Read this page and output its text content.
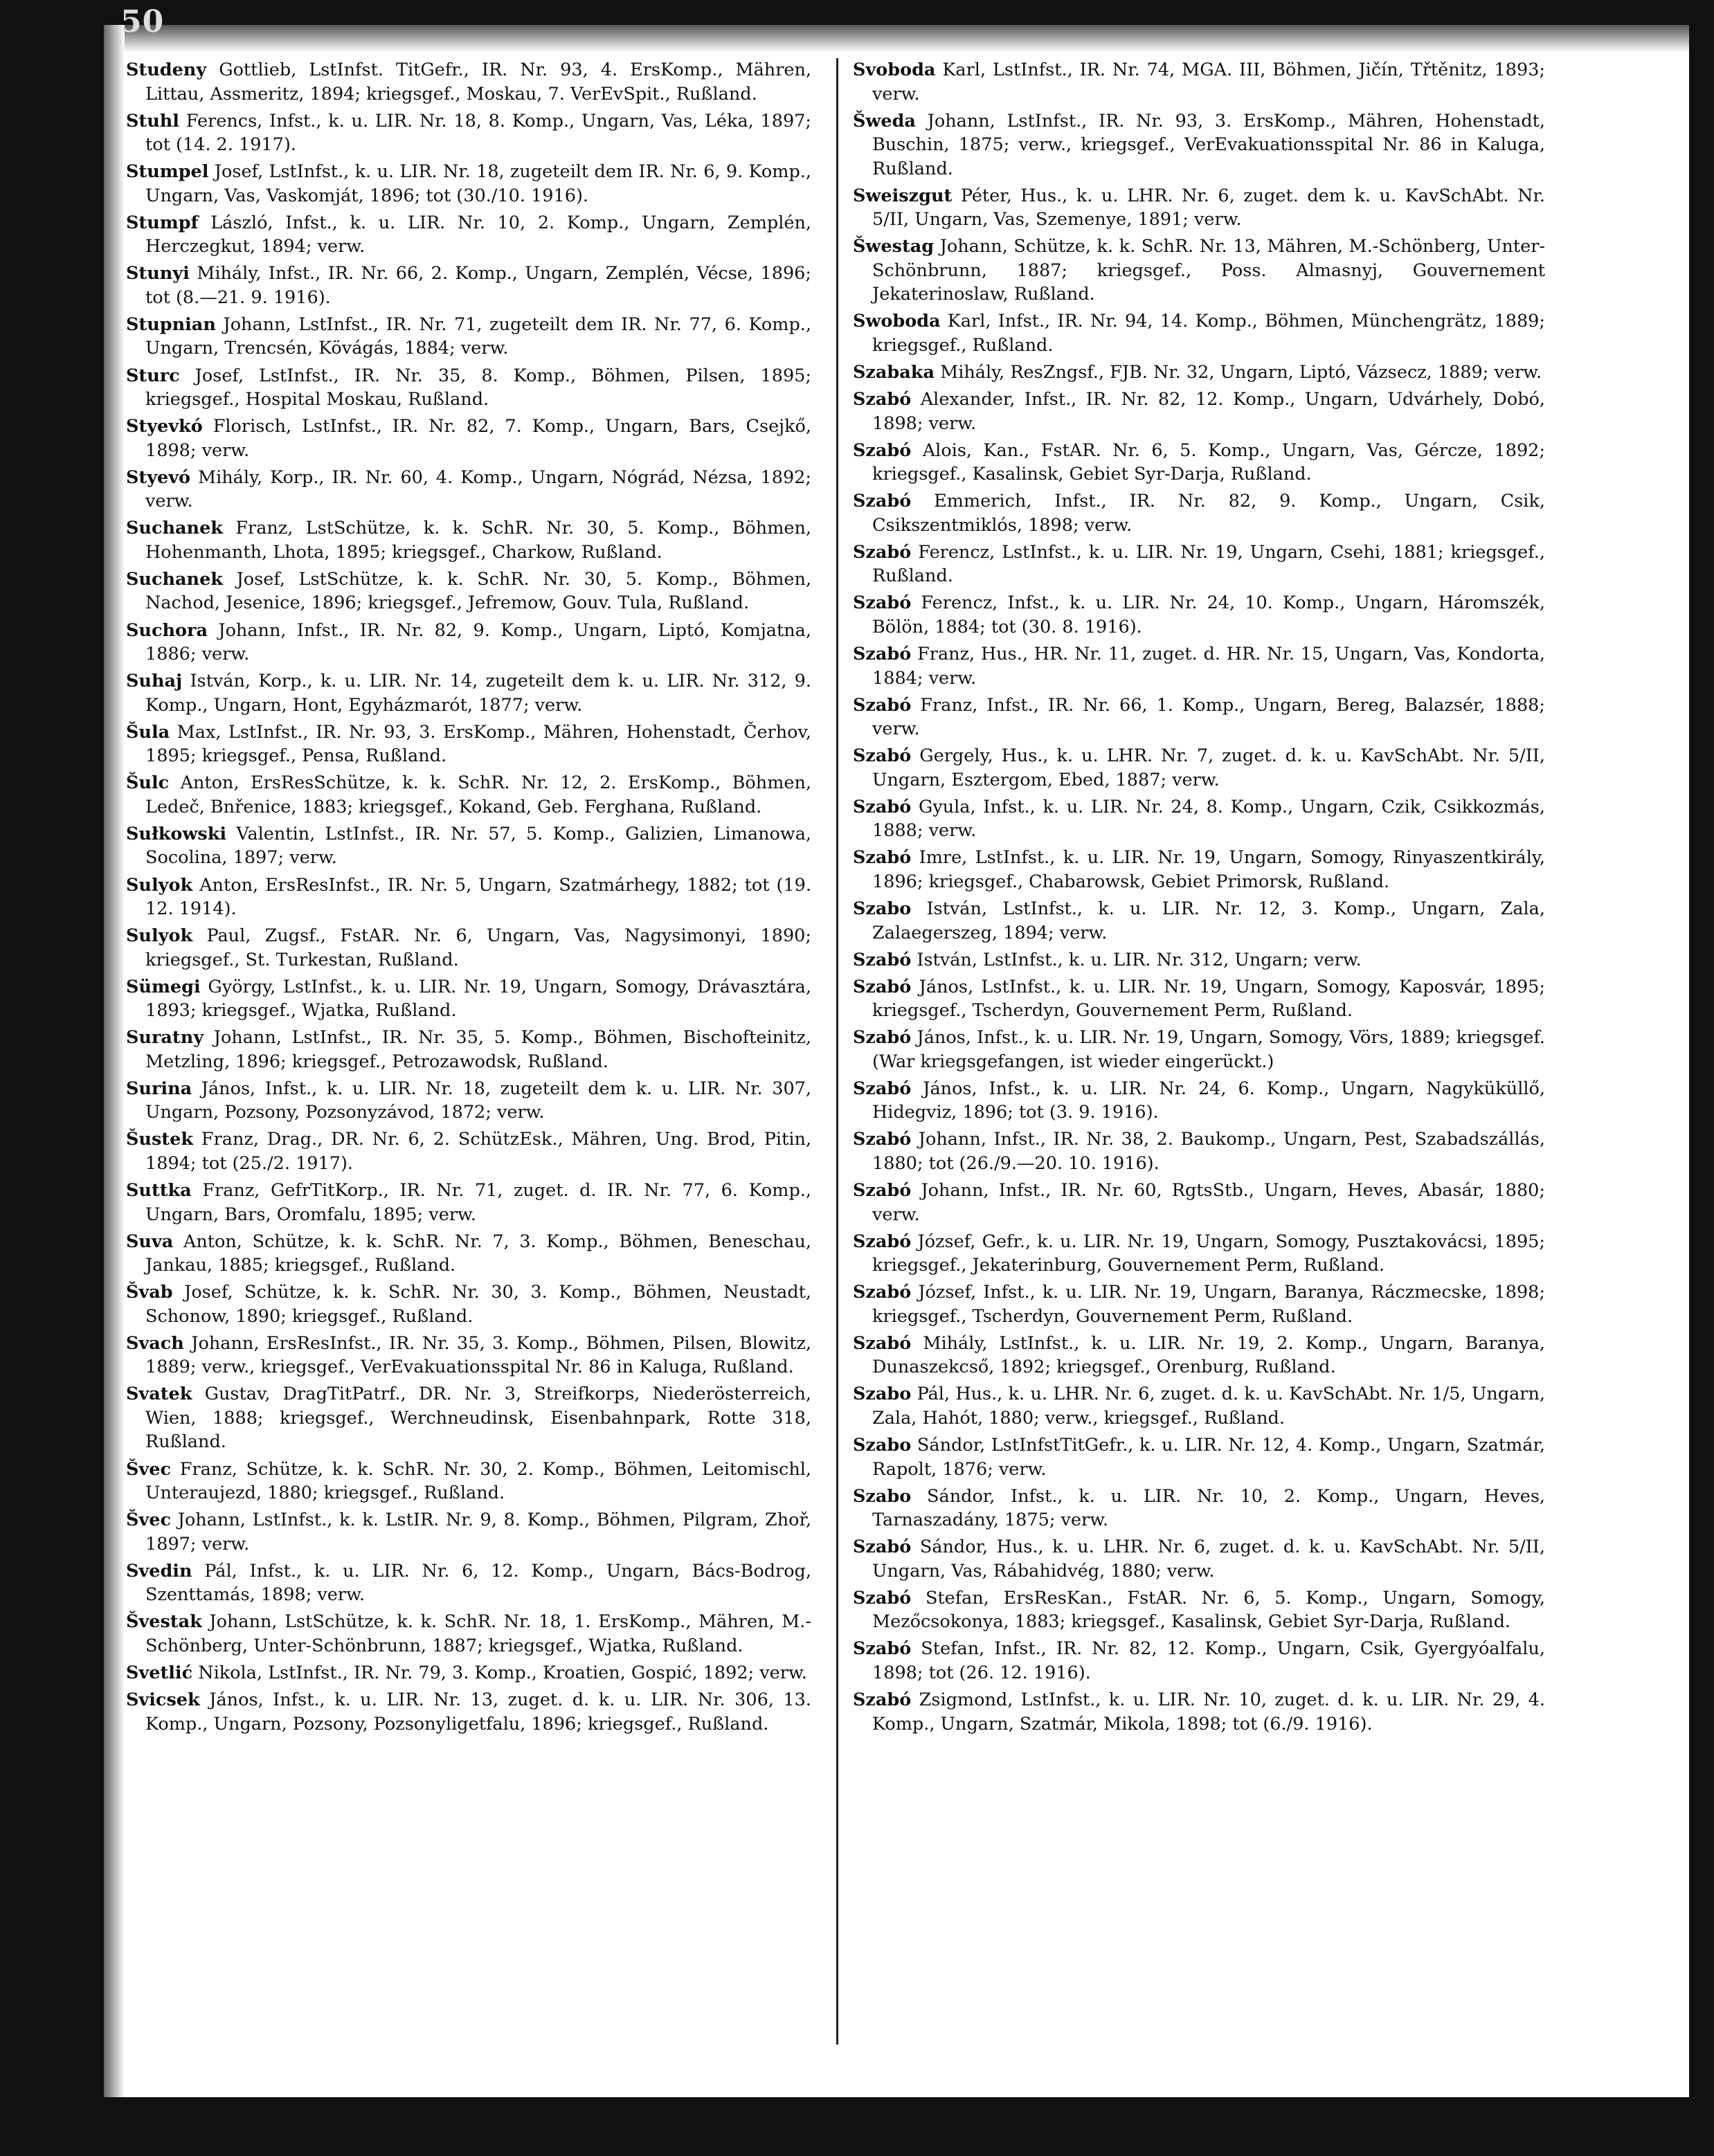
50

Studeny Gottlieb, LstInfst. TitGefr., IR. Nr. 93, 4. ErsKomp., Mähren, Littau, Assmeritz, 1894; kriegsgef., Moskau, 7. VerEvSpit., Rußland.

Stuhl Ferencs, Infst., k. u. LIR. Nr. 18, 8. Komp., Ungarn, Vas, Léka, 1897; tot (14. 2. 1917).

Stumpel Josef, LstInfst., k. u. LIR. Nr. 18, zugeteilt dem IR. Nr. 6, 9. Komp., Ungarn, Vas, Vaskomját, 1896; tot (30./10. 1916).

Stumpf László, Infst., k. u. LIR. Nr. 10, 2. Komp., Ungarn, Zemplén, Herczegkut, 1894; verw.

Stunyi Mihály, Infst., IR. Nr. 66, 2. Komp., Ungarn, Zemplén, Vécse, 1896; tot (8.—21. 9. 1916).

Stupnian Johann, LstInfst., IR. Nr. 71, zugeteilt dem IR. Nr. 77, 6. Komp., Ungarn, Trencsén, Kövágás, 1884; verw.

Sturc Josef, LstInfst., IR. Nr. 35, 8. Komp., Böhmen, Pilsen, 1895; kriegsgef., Hospital Moskau, Rußland.

Styevkó Florisch, LstInfst., IR. Nr. 82, 7. Komp., Ungarn, Bars, Csejkő, 1898; verw.

Styevó Mihály, Korp., IR. Nr. 60, 4. Komp., Ungarn, Nógrád, Nézsa, 1892; verw.

Suchanek Franz, LstSchütze, k. k. SchR. Nr. 30, 5. Komp., Böhmen, Hohenmanth, Lhota, 1895; kriegsgef., Charkow, Rußland.

Suchanek Josef, LstSchütze, k. k. SchR. Nr. 30, 5. Komp., Böhmen, Nachod, Jesenice, 1896; kriegsgef., Jefremow, Gouv. Tula, Rußland.

Suchora Johann, Infst., IR. Nr. 82, 9. Komp., Ungarn, Liptó, Komjatna, 1886; verw.

Suhaj István, Korp., k. u. LIR. Nr. 14, zugeteilt dem k. u. LIR. Nr. 312, 9. Komp., Ungarn, Hont, Egyházmarót, 1877; verw.

Šula Max, LstInfst., IR. Nr. 93, 3. ErsKomp., Mähren, Hohenstadt, Čerhov, 1895; kriegsgef., Pensa, Rußland.

Šulc Anton, ErsResSchütze, k. k. SchR. Nr. 12, 2. ErsKomp., Böhmen, Ledeč, Bnřenice, 1883; kriegsgef., Kokand, Geb. Ferghana, Rußland.

Sułkowski Valentin, LstInfst., IR. Nr. 57, 5. Komp., Galizien, Limanowa, Socolina, 1897; verw.

Sulyok Anton, ErsResInfst., IR. Nr. 5, Ungarn, Szatmárhegy, 1882; tot (19. 12. 1914).

Sulyok Paul, Zugsf., FstAR. Nr. 6, Ungarn, Vas, Nagysimonyi, 1890; kriegsgef., St. Turkestan, Rußland.

Sümegi György, LstInfst., k. u. LIR. Nr. 19, Ungarn, Somogy, Drávasztára, 1893; kriegsgef., Wjatka, Rußland.

Suratny Johann, LstInfst., IR. Nr. 35, 5. Komp., Böhmen, Bischofteinitz, Metzling, 1896; kriegsgef., Petrozawodsk, Rußland.

Surina János, Infst., k. u. LIR. Nr. 18, zugeteilt dem k. u. LIR. Nr. 307, Ungarn, Pozsony, Pozsonyzávod, 1872; verw.

Šustek Franz, Drag., DR. Nr. 6, 2. SchützEsk., Mähren, Ung. Brod, Pitin, 1894; tot (25./2. 1917).

Suttka Franz, GefrTitKorp., IR. Nr. 71, zuget. d. IR. Nr. 77, 6. Komp., Ungarn, Bars, Oromfalu, 1895; verw.

Suva Anton, Schütze, k. k. SchR. Nr. 7, 3. Komp., Böhmen, Beneschau, Jankau, 1885; kriegsgef., Rußland.

Švab Josef, Schütze, k. k. SchR. Nr. 30, 3. Komp., Böhmen, Neustadt, Schonow, 1890; kriegsgef., Rußland.

Svach Johann, ErsResInfst., IR. Nr. 35, 3. Komp., Böhmen, Pilsen, Blowitz, 1889; verw., kriegsgef., VerEvakuationsspital Nr. 86 in Kaluga, Rußland.

Svatek Gustav, DragTitPatrf., DR. Nr. 3, Streifkorps, Niederösterreich, Wien, 1888; kriegsgef., Werchneudinsk, Eisenbahnpark, Rotte 318, Rußland.

Švec Franz, Schütze, k. k. SchR. Nr. 30, 2. Komp., Böhmen, Leitomischl, Unteraujezd, 1880; kriegsgef., Rußland.

Švec Johann, LstInfst., k. k. LstIR. Nr. 9, 8. Komp., Böhmen, Pilgram, Zhoř, 1897; verw.

Svedin Pál, Infst., k. u. LIR. Nr. 6, 12. Komp., Ungarn, Bács-Bodrog, Szenttamás, 1898; verw.

Švestak Johann, LstSchütze, k. k. SchR. Nr. 18, 1. ErsKomp., Mähren, M.-Schönberg, Unter-Schönbrunn, 1887; kriegsgef., Wjatka, Rußland.

Svetlić Nikola, LstInfst., IR. Nr. 79, 3. Komp., Kroatien, Gospić, 1892; verw.

Svicsek János, Infst., k. u. LIR. Nr. 13, zuget. d. k. u. LIR. Nr. 306, 13. Komp., Ungarn, Pozsony, Pozsonyligetfalu, 1896; kriegsgef., Rußland.

Svoboda Karl, LstInfst., IR. Nr. 74, MGA. III, Böhmen, Jičín, Třtěnitz, 1893; verw.

Šweda Johann, LstInfst., IR. Nr. 93, 3. ErsKomp., Mähren, Hohenstadt, Buschin, 1875; verw., kriegsgef., VerEvakuationsspital Nr. 86 in Kaluga, Rußland.

Sweiszgut Péter, Hus., k. u. LHR. Nr. 6, zuget. dem k. u. KavSchAbt. Nr. 5/II, Ungarn, Vas, Szemenye, 1891; verw.

Šwestag Johann, Schütze, k. k. SchR. Nr. 13, Mähren, M.-Schönberg, Unter-Schönbrunn, 1887; kriegsgef., Poss. Almasnyj, Gouvernement Jekaterinoslaw, Rußland.

Swoboda Karl, Infst., IR. Nr. 94, 14. Komp., Böhmen, Münchengrätz, 1889; kriegsgef., Rußland.

Szabaka Mihály, ResZngsf., FJB. Nr. 32, Ungarn, Liptó, Vázsecz, 1889; verw.

Szabó Alexander, Infst., IR. Nr. 82, 12. Komp., Ungarn, Udvárhely, Dobó, 1898; verw.

Szabó Alois, Kan., FstAR. Nr. 6, 5. Komp., Ungarn, Vas, Gércze, 1892; kriegsgef., Kasalinsk, Gebiet Syr-Darja, Rußland.

Szabó Emmerich, Infst., IR. Nr. 82, 9. Komp., Ungarn, Csik, Csikszentmiklós, 1898; verw.

Szabó Ferencz, LstInfst., k. u. LIR. Nr. 19, Ungarn, Csehi, 1881; kriegsgef., Rußland.

Szabó Ferencz, Infst., k. u. LIR. Nr. 24, 10. Komp., Ungarn, Háromszék, Bölön, 1884; tot (30. 8. 1916).

Szabó Franz, Hus., HR. Nr. 11, zuget. d. HR. Nr. 15, Ungarn, Vas, Kondorta, 1884; verw.

Szabó Franz, Infst., IR. Nr. 66, 1. Komp., Ungarn, Bereg, Balazsér, 1888; verw.

Szabó Gergely, Hus., k. u. LHR. Nr. 7, zuget. d. k. u. KavSchAbt. Nr. 5/II, Ungarn, Esztergom, Ebed, 1887; verw.

Szabó Gyula, Infst., k. u. LIR. Nr. 24, 8. Komp., Ungarn, Czik, Csikkozmás, 1888; verw.

Szabó Imre, LstInfst., k. u. LIR. Nr. 19, Ungarn, Somogy, Rinyaszentkirály, 1896; kriegsgef., Chabarowsk, Gebiet Primorsk, Rußland.

Szabo István, LstInfst., k. u. LIR. Nr. 12, 3. Komp., Ungarn, Zala, Zalaegerszeg, 1894; verw.

Szabó István, LstInfst., k. u. LIR. Nr. 312, Ungarn; verw.

Szabó János, LstInfst., k. u. LIR. Nr. 19, Ungarn, Somogy, Kaposvár, 1895; kriegsgef., Tscherdyn, Gouvernement Perm, Rußland.

Szabó János, Infst., k. u. LIR. Nr. 19, Ungarn, Somogy, Vörs, 1889; kriegsgef. (War kriegsgefangen, ist wieder eingerückt.)

Szabó János, Infst., k. u. LIR. Nr. 24, 6. Komp., Ungarn, Nagyküküllő, Hidegviz, 1896; tot (3. 9. 1916).

Szabó Johann, Infst., IR. Nr. 38, 2. Baukomp., Ungarn, Pest, Szabadszállás, 1880; tot (26./9.—20. 10. 1916).

Szabó Johann, Infst., IR. Nr. 60, RgtsStb., Ungarn, Heves, Abasár, 1880; verw.

Szabó József, Gefr., k. u. LIR. Nr. 19, Ungarn, Somogy, Pusztakovácsi, 1895; kriegsgef., Jekaterinburg, Gouvernement Perm, Rußland.

Szabó József, Infst., k. u. LIR. Nr. 19, Ungarn, Baranya, Ráczmecske, 1898; kriegsgef., Tscherdyn, Gouvernement Perm, Rußland.

Szabó Mihály, LstInfst., k. u. LIR. Nr. 19, 2. Komp., Ungarn, Baranya, Dunaszekcső, 1892; kriegsgef., Orenburg, Rußland.

Szabo Pál, Hus., k. u. LHR. Nr. 6, zuget. d. k. u. KavSchAbt. Nr. 1/5, Ungarn, Zala, Hahót, 1880; verw., kriegsgef., Rußland.

Szabo Sándor, LstInfstTitGefr., k. u. LIR. Nr. 12, 4. Komp., Ungarn, Szatmár, Rapolt, 1876; verw.

Szabo Sándor, Infst., k. u. LIR. Nr. 10, 2. Komp., Ungarn, Heves, Tarnaszadány, 1875; verw.

Szabó Sándor, Hus., k. u. LHR. Nr. 6, zuget. d. k. u. KavSchAbt. Nr. 5/II, Ungarn, Vas, Rábahidvég, 1880; verw.

Szabó Stefan, ErsResKan., FstAR. Nr. 6, 5. Komp., Ungarn, Somogy, Mezőcsokonya, 1883; kriegsgef., Kasalinsk, Gebiet Syr-Darja, Rußland.

Szabó Stefan, Infst., IR. Nr. 82, 12. Komp., Ungarn, Csik, Gyergyóalfalu, 1898; tot (26. 12. 1916).

Szabó Zsigmond, LstInfst., k. u. LIR. Nr. 10, zuget. d. k. u. LIR. Nr. 29, 4. Komp., Ungarn, Szatmár, Mikola, 1898; tot (6./9. 1916).
